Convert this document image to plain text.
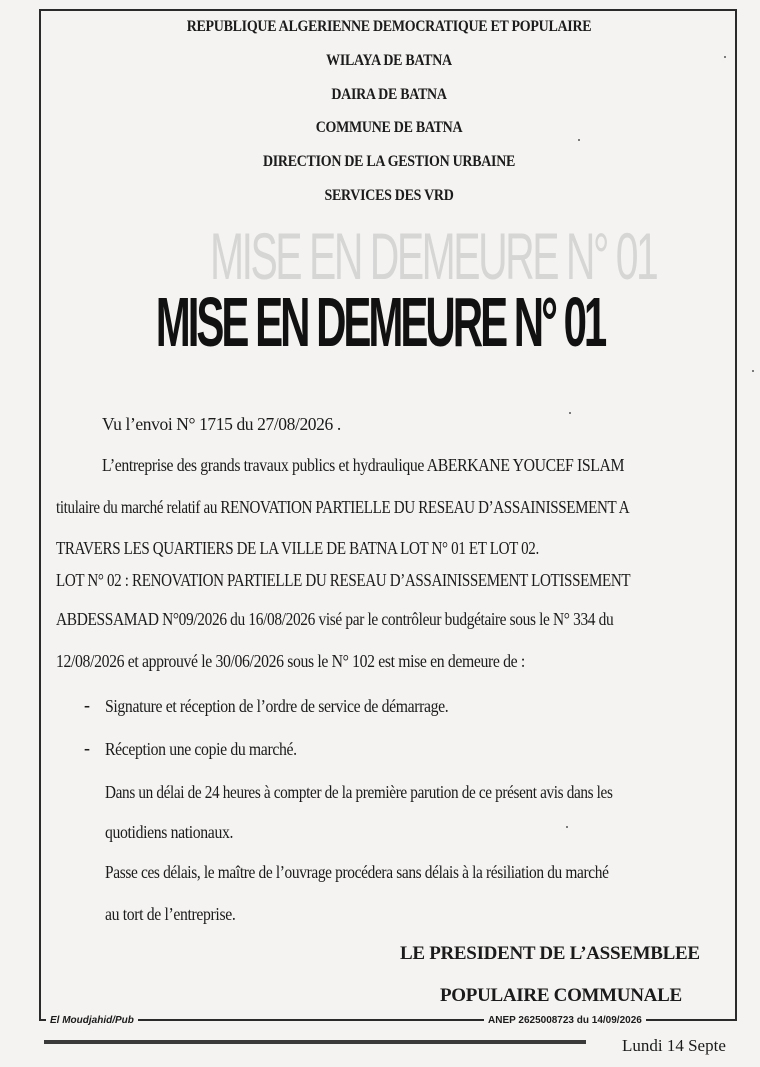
REPUBLIQUE ALGERIENNE DEMOCRATIQUE ET POPULAIRE
WILAYA DE BATNA
DAIRA DE BATNA
COMMUNE DE BATNA
DIRECTION DE LA GESTION URBAINE
SERVICES DES VRD
MISE EN DEMEURE N° 01
MISE EN DEMEURE N° 01
Vu l’envoi N° 1715 du 27/08/2026 .
L’entreprise des grands travaux publics et hydraulique ABERKANE YOUCEF ISLAM
titulaire du marché relatif au RENOVATION PARTIELLE DU RESEAU D’ASSAINISSEMENT A
TRAVERS LES QUARTIERS DE LA VILLE DE BATNA LOT N° 01 ET LOT 02.
LOT N° 02 : RENOVATION PARTIELLE DU RESEAU D’ASSAINISSEMENT LOTISSEMENT
ABDESSAMAD N°09/2026 du 16/08/2026 visé par le contrôleur budgétaire sous le N° 334 du
12/08/2026 et approuvé le 30/06/2026 sous le N° 102 est mise en demeure de :
- Signature et réception de l’ordre de service de démarrage.
- Réception une copie du marché.
Dans un délai de 24 heures à compter de la première parution de ce présent avis dans les
quotidiens nationaux.
Passe ces délais, le maître de l’ouvrage procédera sans délais à la résiliation du marché
au tort de l’entreprise.
LE PRESIDENT DE L’ASSEMBLEE
POPULAIRE COMMUNALE
El Moudjahid/Pub	ANEP 2625008723 du 14/09/2026
Lundi 14 Septe
